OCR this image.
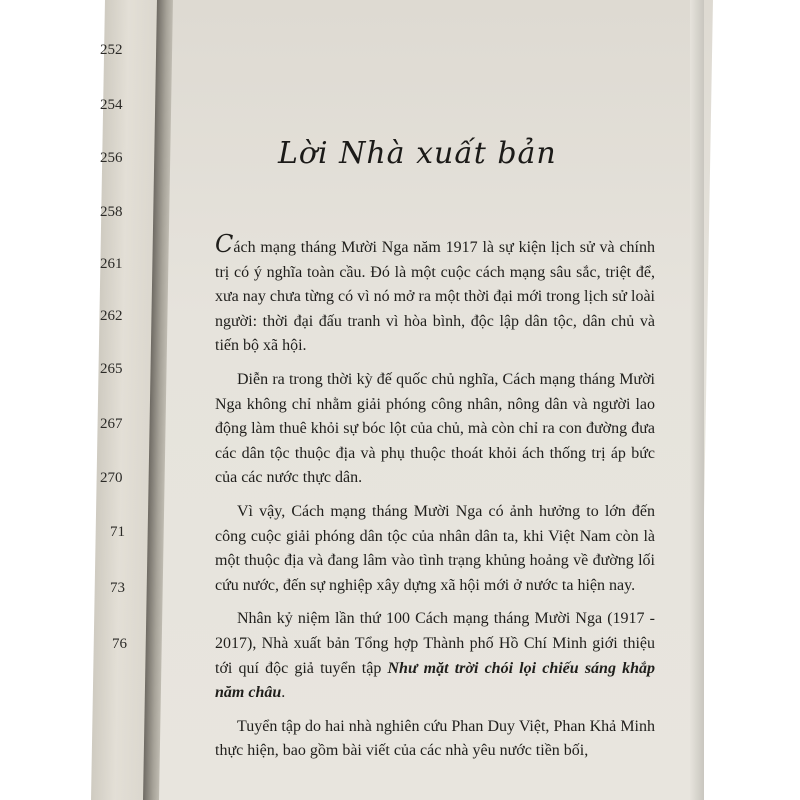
252
254
256
258
261
262
265
267
270
71
73
76

Lời Nhà xuất bản

Cách mạng tháng Mười Nga năm 1917 là sự kiện lịch sử và chính trị có ý nghĩa toàn cầu. Đó là một cuộc cách mạng sâu sắc, triệt để, xưa nay chưa từng có vì nó mở ra một thời đại mới trong lịch sử loài người: thời đại đấu tranh vì hòa bình, độc lập dân tộc, dân chủ và tiến bộ xã hội.

Diễn ra trong thời kỳ đế quốc chủ nghĩa, Cách mạng tháng Mười Nga không chỉ nhằm giải phóng công nhân, nông dân và người lao động làm thuê khỏi sự bóc lột của chủ, mà còn chỉ ra con đường đưa các dân tộc thuộc địa và phụ thuộc thoát khỏi ách thống trị áp bức của các nước thực dân.

Vì vậy, Cách mạng tháng Mười Nga có ảnh hưởng to lớn đến công cuộc giải phóng dân tộc của nhân dân ta, khi Việt Nam còn là một thuộc địa và đang lâm vào tình trạng khủng hoảng về đường lối cứu nước, đến sự nghiệp xây dựng xã hội mới ở nước ta hiện nay.

Nhân kỷ niệm lần thứ 100 Cách mạng tháng Mười Nga (1917 - 2017), Nhà xuất bản Tổng hợp Thành phố Hồ Chí Minh giới thiệu tới quí độc giả tuyển tập Như mặt trời chói lọi chiếu sáng khắp năm châu.

Tuyển tập do hai nhà nghiên cứu Phan Duy Việt, Phan Khả Minh thực hiện, bao gồm bài viết của các nhà yêu nước tiền bối,
